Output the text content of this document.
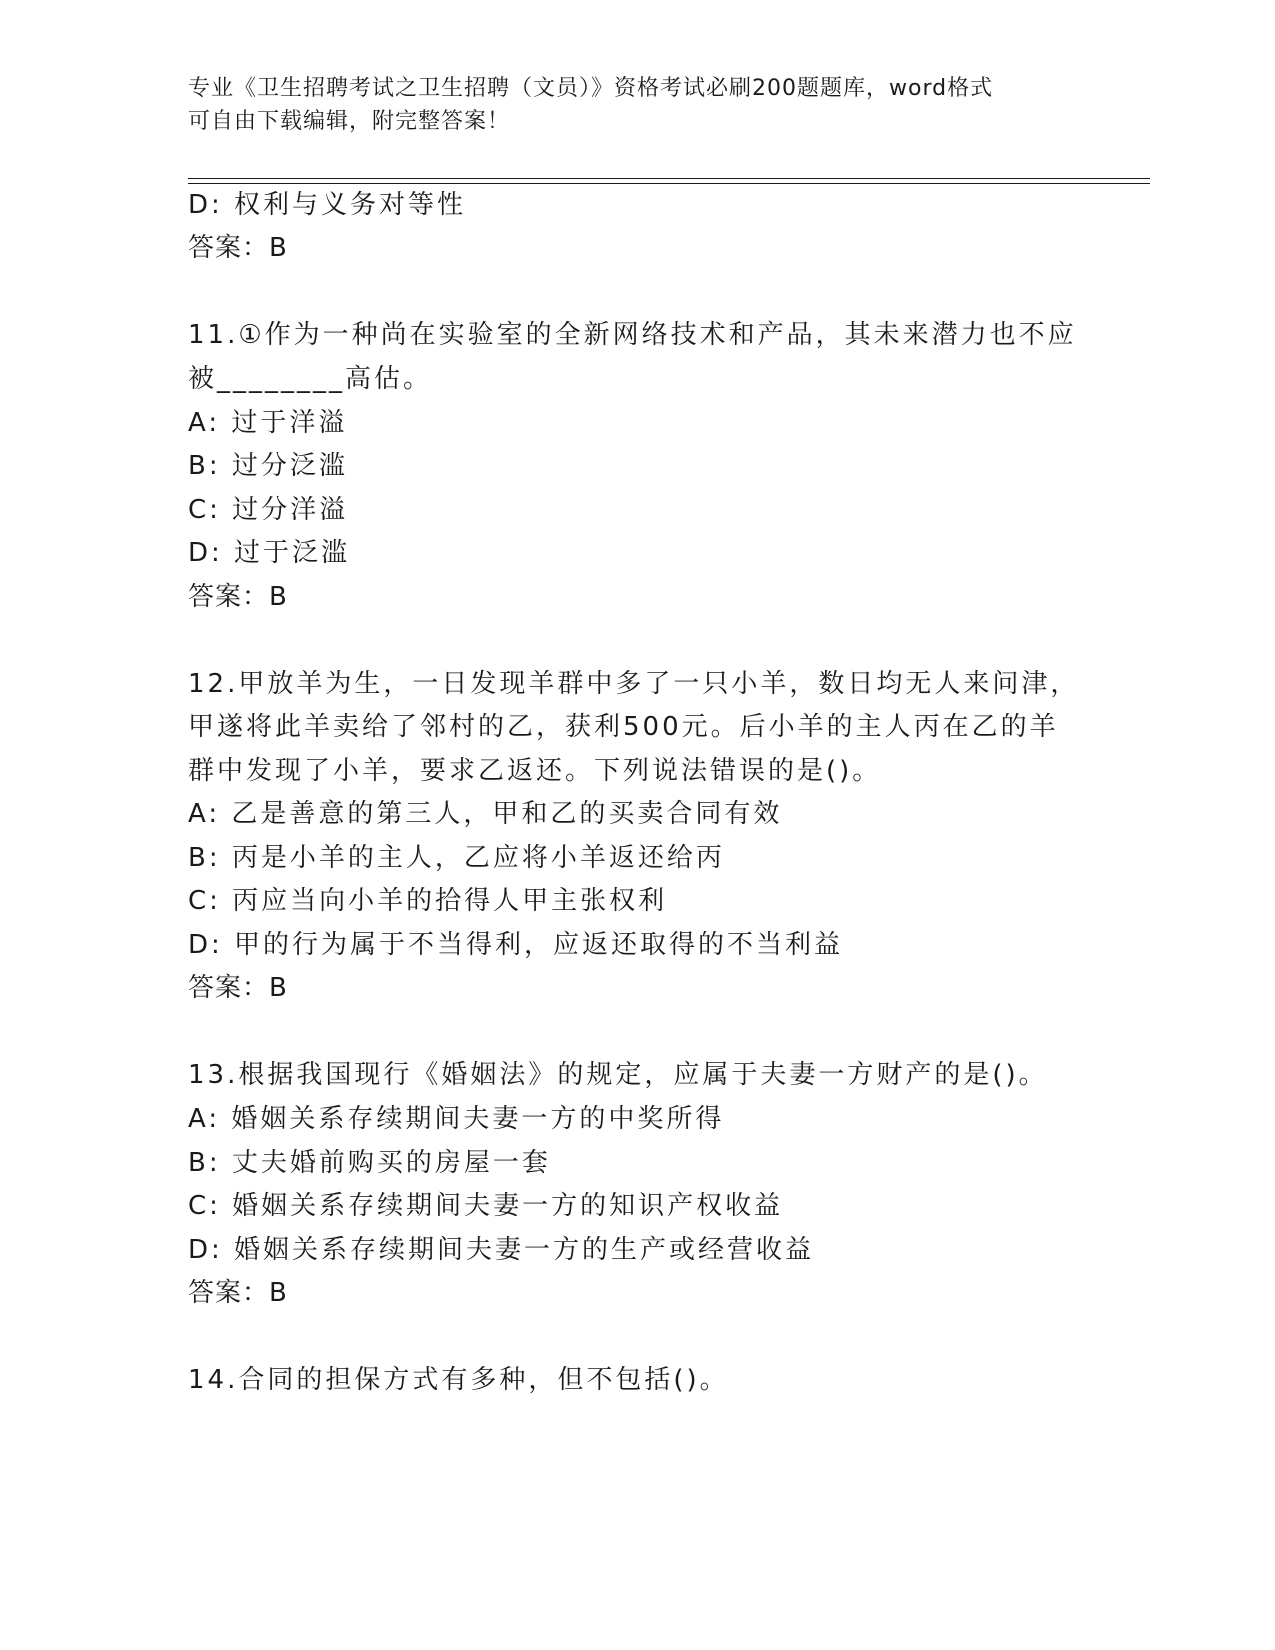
专业《卫生招聘考试之卫生招聘（文员）》资格考试必刷200题题库，word格式
可自由下载编辑，附完整答案！
D: 权利与义务对等性
答案：B
11.①作为一种尚在实验室的全新网络技术和产品，其未来潜力也不应
被________高估。
A: 过于洋溢
B: 过分泛滥
C: 过分洋溢
D: 过于泛滥
答案：B
12.甲放羊为生，一日发现羊群中多了一只小羊，数日均无人来问津，
甲遂将此羊卖给了邻村的乙，获利500元。后小羊的主人丙在乙的羊
群中发现了小羊，要求乙返还。下列说法错误的是()。
A: 乙是善意的第三人，甲和乙的买卖合同有效
B: 丙是小羊的主人，乙应将小羊返还给丙
C: 丙应当向小羊的拾得人甲主张权利
D: 甲的行为属于不当得利，应返还取得的不当利益
答案：B
13.根据我国现行《婚姻法》的规定，应属于夫妻一方财产的是()。
A: 婚姻关系存续期间夫妻一方的中奖所得
B: 丈夫婚前购买的房屋一套
C: 婚姻关系存续期间夫妻一方的知识产权收益
D: 婚姻关系存续期间夫妻一方的生产或经营收益
答案：B
14.合同的担保方式有多种，但不包括()。
